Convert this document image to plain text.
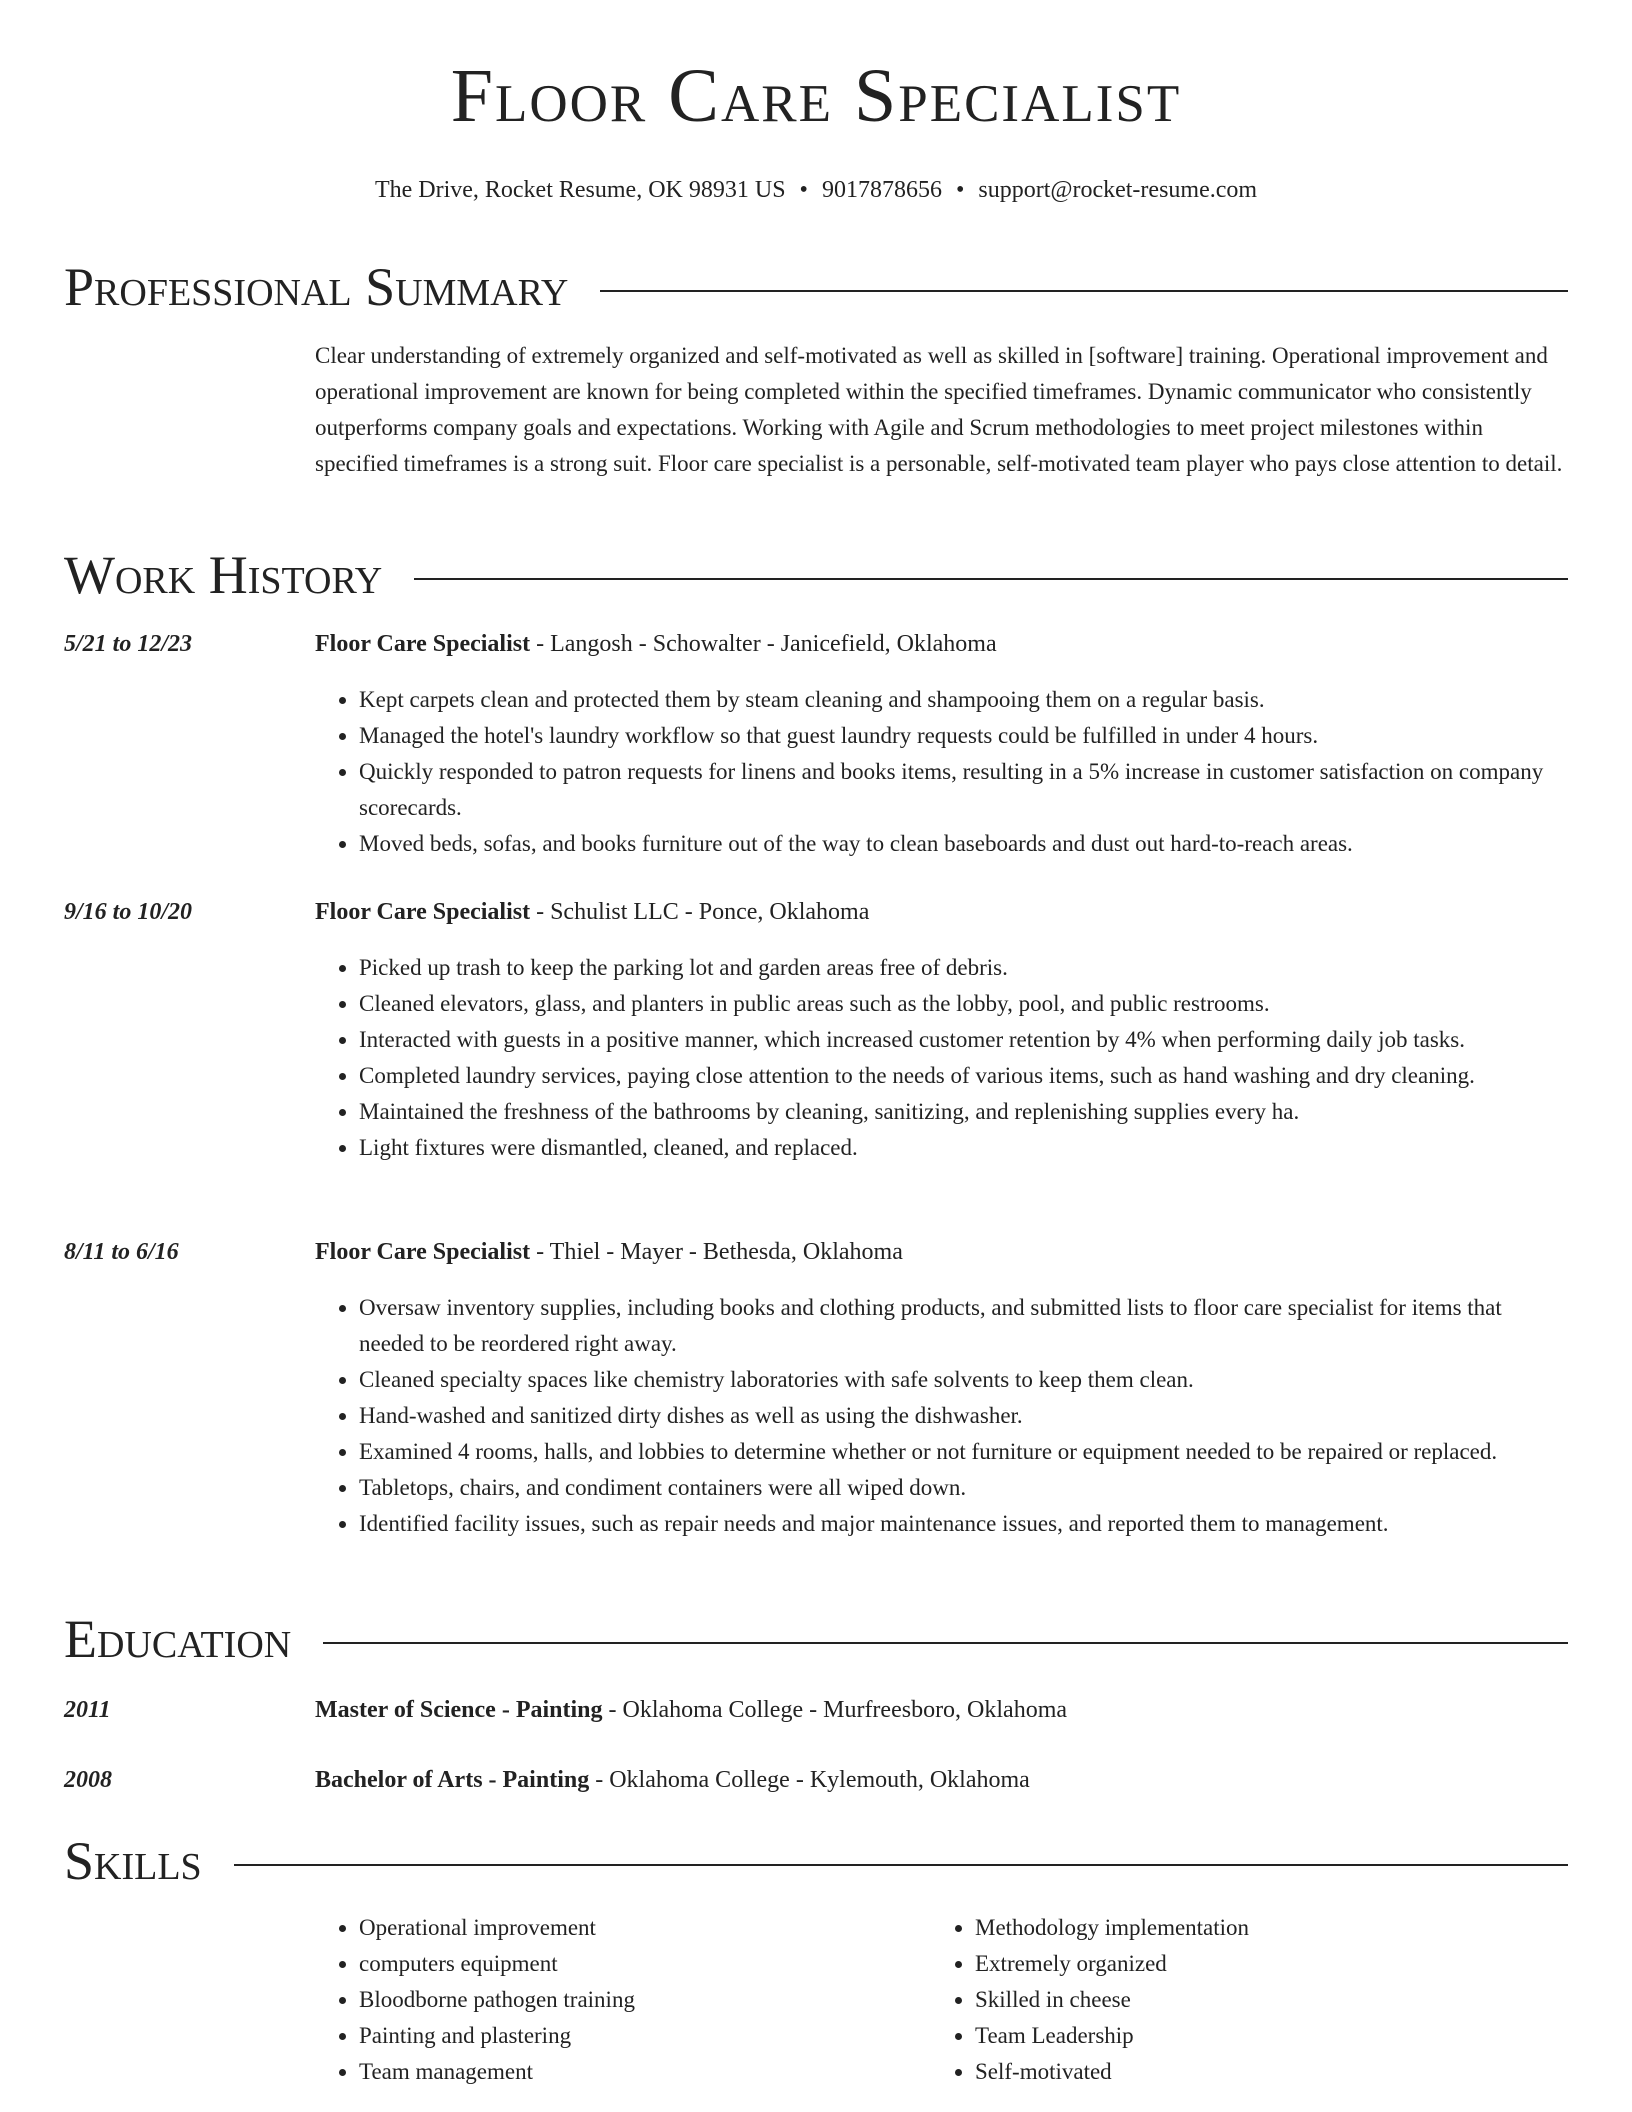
Floor Care Specialist
The Drive, Rocket Resume, OK 98931 US • 9017878656 • support@rocket-resume.com
Professional Summary
Clear understanding of extremely organized and self-motivated as well as skilled in [software] training. Operational improvement and operational improvement are known for being completed within the specified timeframes. Dynamic communicator who consistently outperforms company goals and expectations. Working with Agile and Scrum methodologies to meet project milestones within specified timeframes is a strong suit. Floor care specialist is a personable, self-motivated team player who pays close attention to detail.
Work History
5/21 to 12/23	Floor Care Specialist - Langosh - Schowalter - Janicefield, Oklahoma
• Kept carpets clean and protected them by steam cleaning and shampooing them on a regular basis.
• Managed the hotel's laundry workflow so that guest laundry requests could be fulfilled in under 4 hours.
• Quickly responded to patron requests for linens and books items, resulting in a 5% increase in customer satisfaction on company scorecards.
• Moved beds, sofas, and books furniture out of the way to clean baseboards and dust out hard-to-reach areas.
9/16 to 10/20	Floor Care Specialist - Schulist LLC - Ponce, Oklahoma
• Picked up trash to keep the parking lot and garden areas free of debris.
• Cleaned elevators, glass, and planters in public areas such as the lobby, pool, and public restrooms.
• Interacted with guests in a positive manner, which increased customer retention by 4% when performing daily job tasks.
• Completed laundry services, paying close attention to the needs of various items, such as hand washing and dry cleaning.
• Maintained the freshness of the bathrooms by cleaning, sanitizing, and replenishing supplies every ha.
• Light fixtures were dismantled, cleaned, and replaced.
8/11 to 6/16	Floor Care Specialist - Thiel - Mayer - Bethesda, Oklahoma
• Oversaw inventory supplies, including books and clothing products, and submitted lists to floor care specialist for items that needed to be reordered right away.
• Cleaned specialty spaces like chemistry laboratories with safe solvents to keep them clean.
• Hand-washed and sanitized dirty dishes as well as using the dishwasher.
• Examined 4 rooms, halls, and lobbies to determine whether or not furniture or equipment needed to be repaired or replaced.
• Tabletops, chairs, and condiment containers were all wiped down.
• Identified facility issues, such as repair needs and major maintenance issues, and reported them to management.
Education
2011	Master of Science - Painting - Oklahoma College - Murfreesboro, Oklahoma
2008	Bachelor of Arts - Painting - Oklahoma College - Kylemouth, Oklahoma
Skills
• Operational improvement
• computers equipment
• Bloodborne pathogen training
• Painting and plastering
• Team management
• Methodology implementation
• Extremely organized
• Skilled in cheese
• Team Leadership
• Self-motivated
